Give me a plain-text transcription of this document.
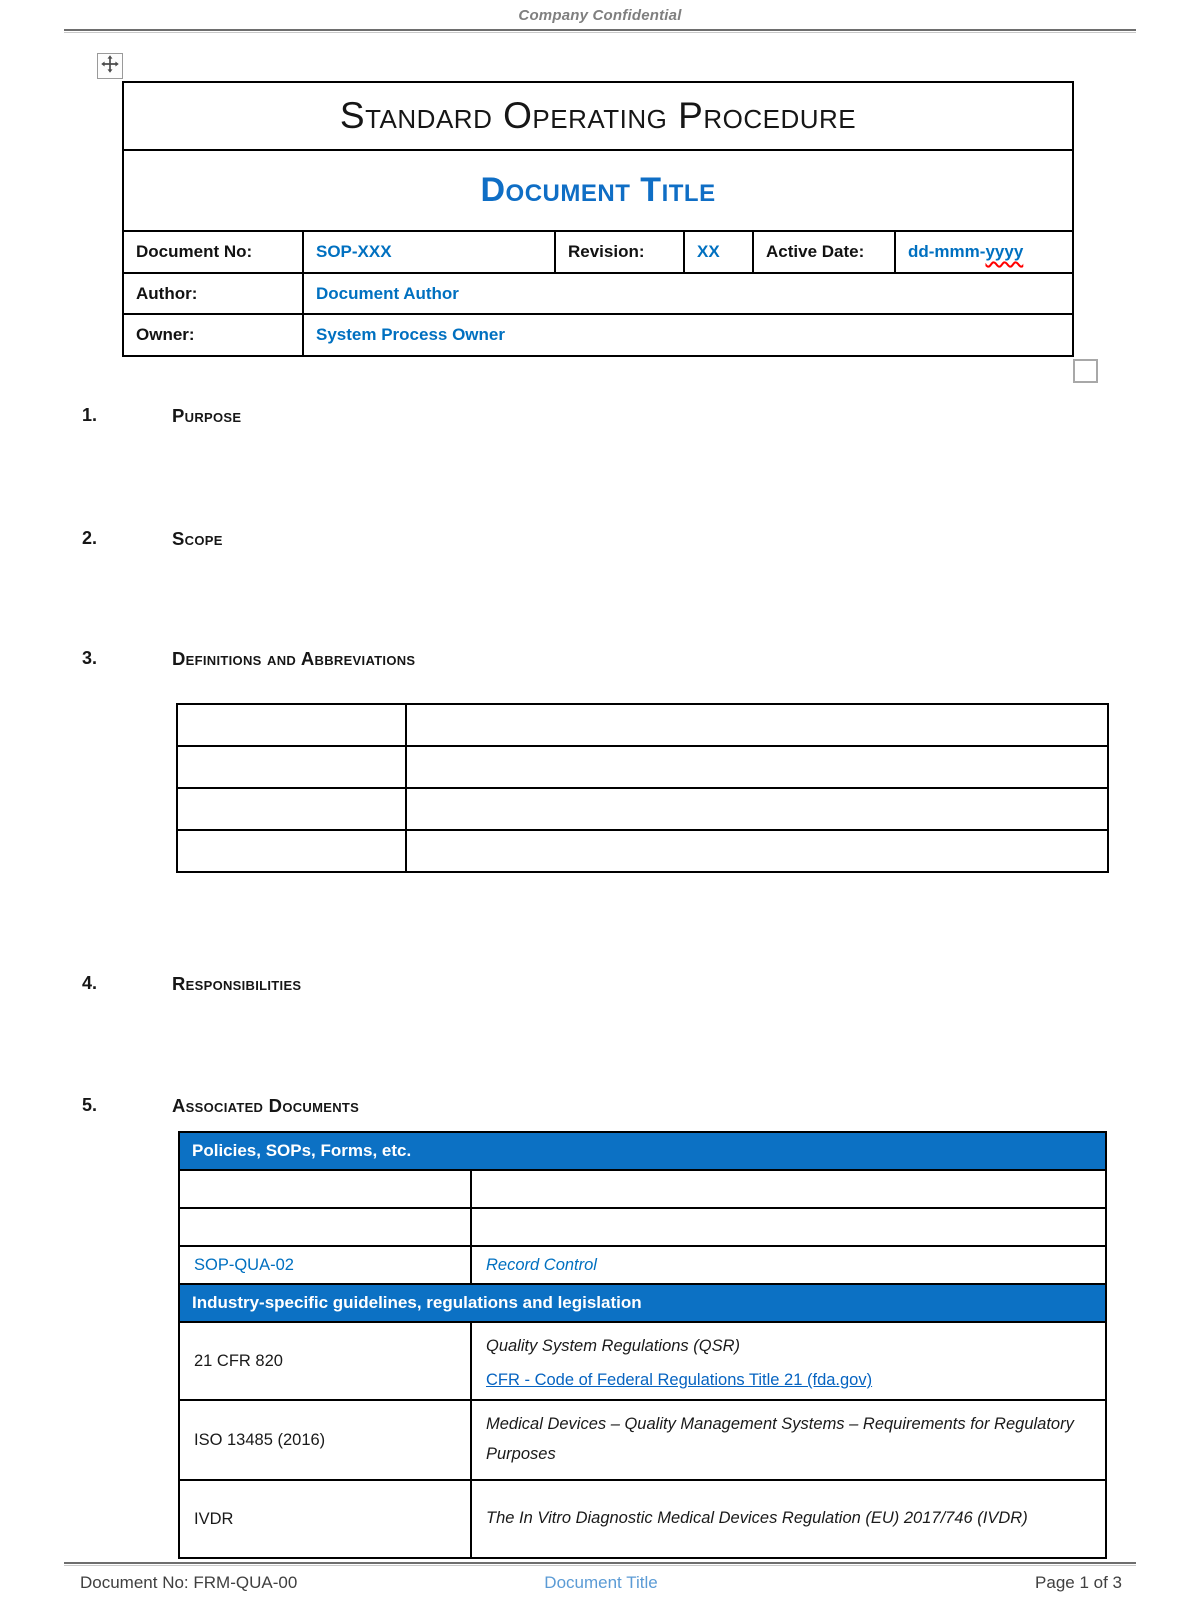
Company Confidential
Standard Operating Procedure					
Document Title					
Document No:	SOP-XXX	Revision:	XX	Active Date:	dd-mmm-yyyy
Author:	Document Author				
Owner:	System Process Owner				
1.	Purpose
2.	Scope
3.	Definitions and Abbreviations
4.	Responsibilities
5.	Associated Documents

Policies, SOPs, Forms, etc.	

SOP-QUA-02	Record Control
Industry-specific guidelines, regulations and legislation	
21 CFR 820	Quality System Regulations (QSR)
CFR - Code of Federal Regulations Title 21 (fda.gov)

ISO 13485 (2016)	Medical Devices – Quality Management Systems – Requirements for Regulatory Purposes
IVDR	The In Vitro Diagnostic Medical Devices Regulation (EU) 2017/746 (IVDR)
Document Title
Document No: FRM-QUA-00	Page 1 of 3
